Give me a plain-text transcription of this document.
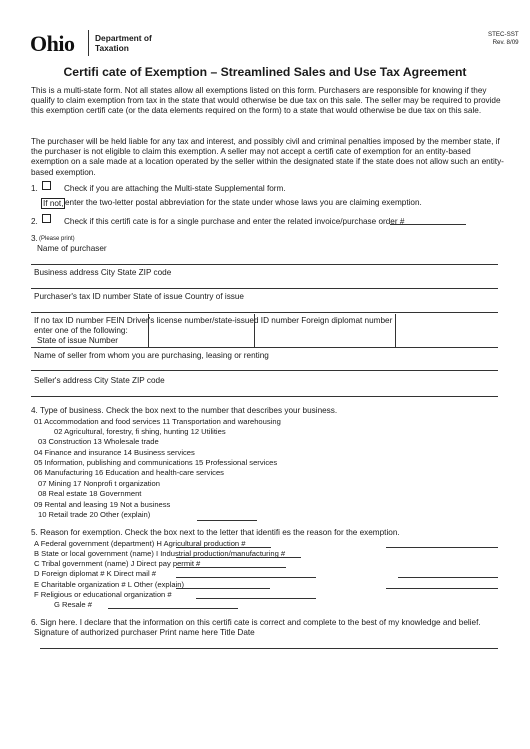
Ohio Department of
Taxation
STEC-SST
Rev. 8/09
Certifi cate of Exemption – Streamlined Sales and Use Tax Agreement
This is a multi-state form. Not all states allow all exemptions listed on this form. Purchasers are responsible for knowing if they qualify to claim exemption from tax in the state that would otherwise be due tax on this sale. The seller may be required to provide this exemption certifi cate (or the data elements required on the form) to a state that would otherwise be due tax on this sale.
The purchaser will be held liable for any tax and interest, and possibly civil and criminal penalties imposed by the member state, if the purchaser is not eligible to claim this exemption. A seller may not accept a certifi cate of exemption for an entity-based exemption on a sale made at a location operated by the seller within the designated state if the state does not allow such an entity-based exemption.
1.	Check if you are attaching the Multi-state Supplemental form.
If not, enter the two-letter postal abbreviation for the state under whose laws you are claiming exemption.
2.	Check if this certifi cate is for a single purchase and enter the related invoice/purchase order #
3. (Please print)
Name of purchaser
Business address City State ZIP code
Purchaser's tax ID number State of issue Country of issue
If no tax ID number FEIN Driver's license number/state-issued ID number Foreign diplomat number
enter one of the following:
State of issue Number
Name of seller from whom you are purchasing, leasing or renting
Seller's address City State ZIP code
4. Type of business. Check the box next to the number that describes your business.
01 Accommodation and food services 11 Transportation and warehousing
02 Agricultural, forestry, fi shing, hunting 12 Utilities
03 Construction 13 Wholesale trade
04 Finance and insurance 14 Business services
05 Information, publishing and communications 15 Professional services
06 Manufacturing 16 Education and health-care services
07 Mining 17 Nonprofi t organization
08 Real estate 18 Government
09 Rental and leasing 19 Not a business
10 Retail trade 20 Other (explain)
5. Reason for exemption. Check the box next to the letter that identifi es the reason for the exemption.
A Federal government (department) H Agricultural production #
B State or local government (name) I Industrial production/manufacturing #
C Tribal government (name) J Direct pay permit #
D Foreign diplomat # K Direct mail #
E Charitable organization # L Other (explain)
F Religious or educational organization #
G Resale #
6. Sign here. I declare that the information on this certifi cate is correct and complete to the best of my knowledge and belief.
Signature of authorized purchaser Print name here Title Date
